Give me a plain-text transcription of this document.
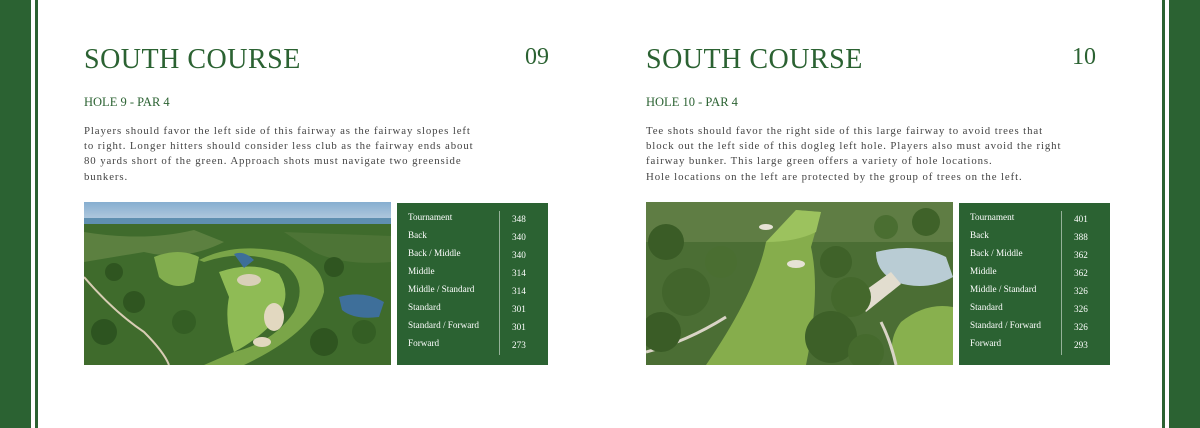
SOUTH COURSE	09
HOLE 9 - PAR 4

Players should favor the left side of this fairway as the fairway slopes left
to right. Longer hitters should consider less club as the fairway ends about
80 yards short of the green. Approach shots must navigate two greenside
bunkers.

Tournament	348
Back	340
Back / Middle	340
Middle	314
Middle / Standard	314
Standard	301
Standard / Forward	301
Forward	273
SOUTH COURSE	10
HOLE 10 - PAR 4

Tee shots should favor the right side of this large fairway to avoid trees that
block out the left side of this dogleg left hole. Players also must avoid the right
fairway bunker. This large green offers a variety of hole locations.
Hole locations on the left are protected by the group of trees on the left.

Tournament	401
Back	388
Back / Middle	362
Middle	362
Middle / Standard	326
Standard	326
Standard / Forward	326
Forward	293
